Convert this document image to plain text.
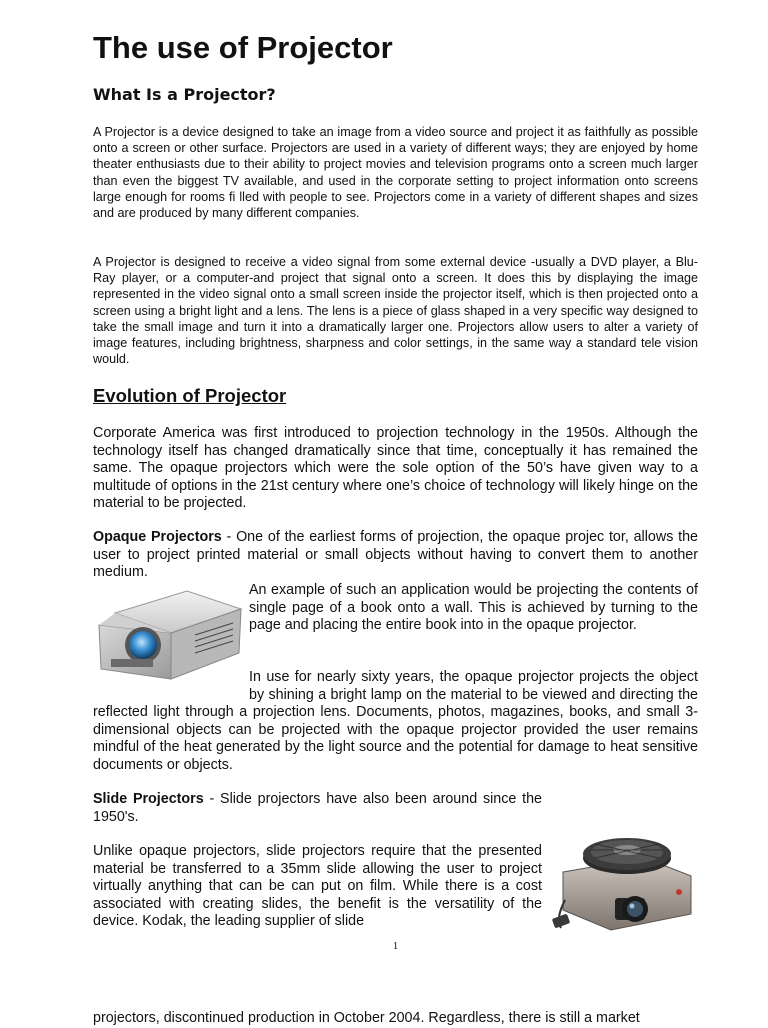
The use of Projector
What Is a Projector?

A Projector is a device designed to take an image from a video source and project it as faithfully as possible onto a screen or other surface. Projectors are used in a variety of different ways; they are enjoyed by home theater enthusiasts due to their ability to project movies and television programs onto a screen much larger than even the biggest TV available, and used in the corporate setting to project information onto screens large enough for rooms fi lled with people to see. Projectors come in a variety of different shapes and sizes and are produced by many different companies.

A Projector is designed to receive a video signal from some external device -usually a DVD player, a Blu-Ray player, or a computer-and project that signal onto a screen. It does this by displaying the image represented in the video signal onto a small screen inside the projector itself, which is then projected onto a screen using a bright light and a lens. The lens is a piece of glass shaped in a very specific way designed to take the small image and turn it into a dramatically larger one. Projectors allow users to alter a variety of image features, including brightness, sharpness and color settings, in the same way a standard tele vision would.

Evolution of Projector

Corporate America was first introduced to projection technology in the 1950s. Although the technology itself has changed dramatically since that time, conceptually it has remained the same. The opaque projectors which were the sole option of the 50’s have given way to a multitude of options in the 21st century where one’s choice of technology will likely hinge on the material to be projected.

Opaque Projectors - One of the earliest forms of projection, the opaque projec tor, allows the user to project printed material or small objects without having to convert them to another medium.

An example of such an application would be projecting the contents of single page of a book onto a wall. This is achieved by turning to the page and placing the entire book into in the opaque projector.

In use for nearly sixty years, the opaque projector projects the object by shining a bright lamp on the material to be viewed and directing the reflected light through a projection lens. Documents, photos, magazines, books, and small 3-dimensional objects can be projected with the opaque projector provided the user remains mindful of the heat generated by the light source and the potential for damage to heat sensitive documents or objects.

Slide Projectors - Slide projectors have also been around since the 1950's.

Unlike opaque projectors, slide projectors require that the presented material be transferred to a 35mm slide allowing the user to project virtually anything that can be can put on film. While there is a cost associated with creating slides, the benefit is the versatility of the device. Kodak, the leading supplier of slide

1

projectors, discontinued production in October 2004. Regardless, there is still a market
